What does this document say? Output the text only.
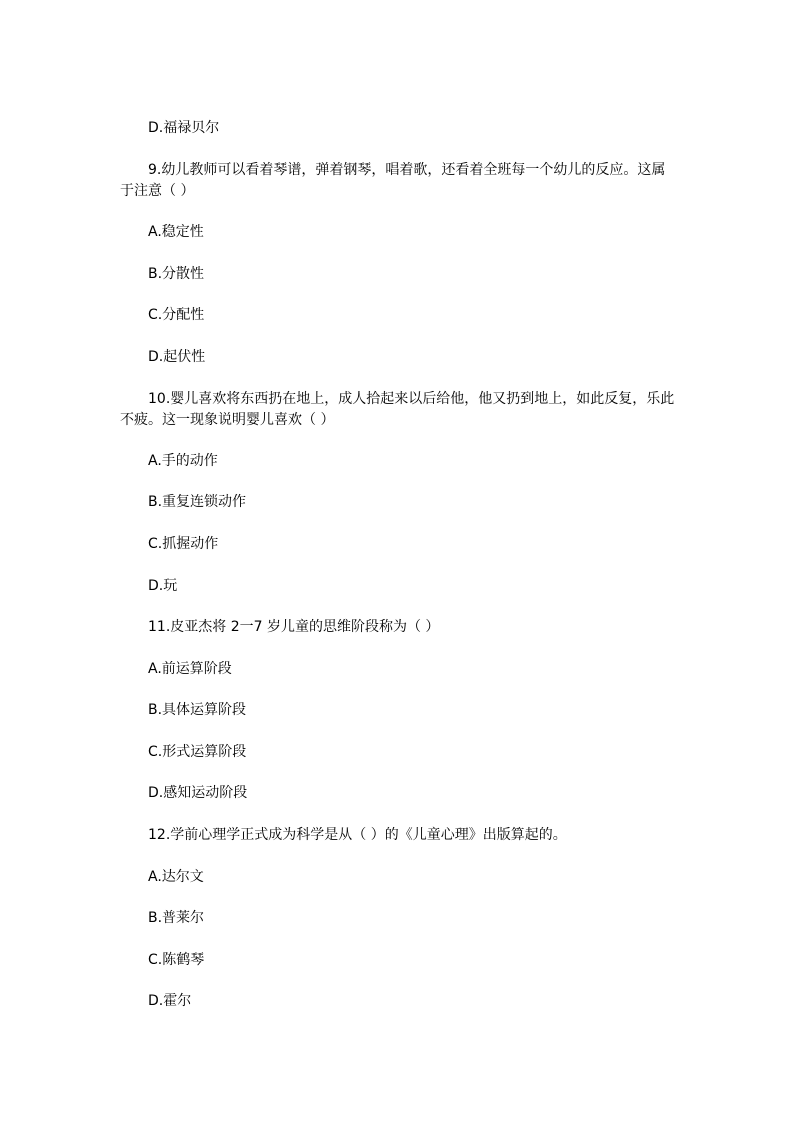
D.福禄贝尔
9.幼儿教师可以看着琴谱，弹着钢琴，唱着歌，还看着全班每一个幼儿的反应。这属
于注意（ ）
A.稳定性
B.分散性
C.分配性
D.起伏性
10.婴儿喜欢将东西扔在地上，成人拾起来以后给他，他又扔到地上，如此反复，乐此
不疲。这一现象说明婴儿喜欢（ ）
A.手的动作
B.重复连锁动作
C.抓握动作
D.玩
11.皮亚杰将 2一7 岁儿童的思维阶段称为（ ）
A.前运算阶段
B.具体运算阶段
C.形式运算阶段
D.感知运动阶段
12.学前心理学正式成为科学是从（ ）的《儿童心理》出版算起的。
A.达尔文
B.普莱尔
C.陈鹤琴
D.霍尔
